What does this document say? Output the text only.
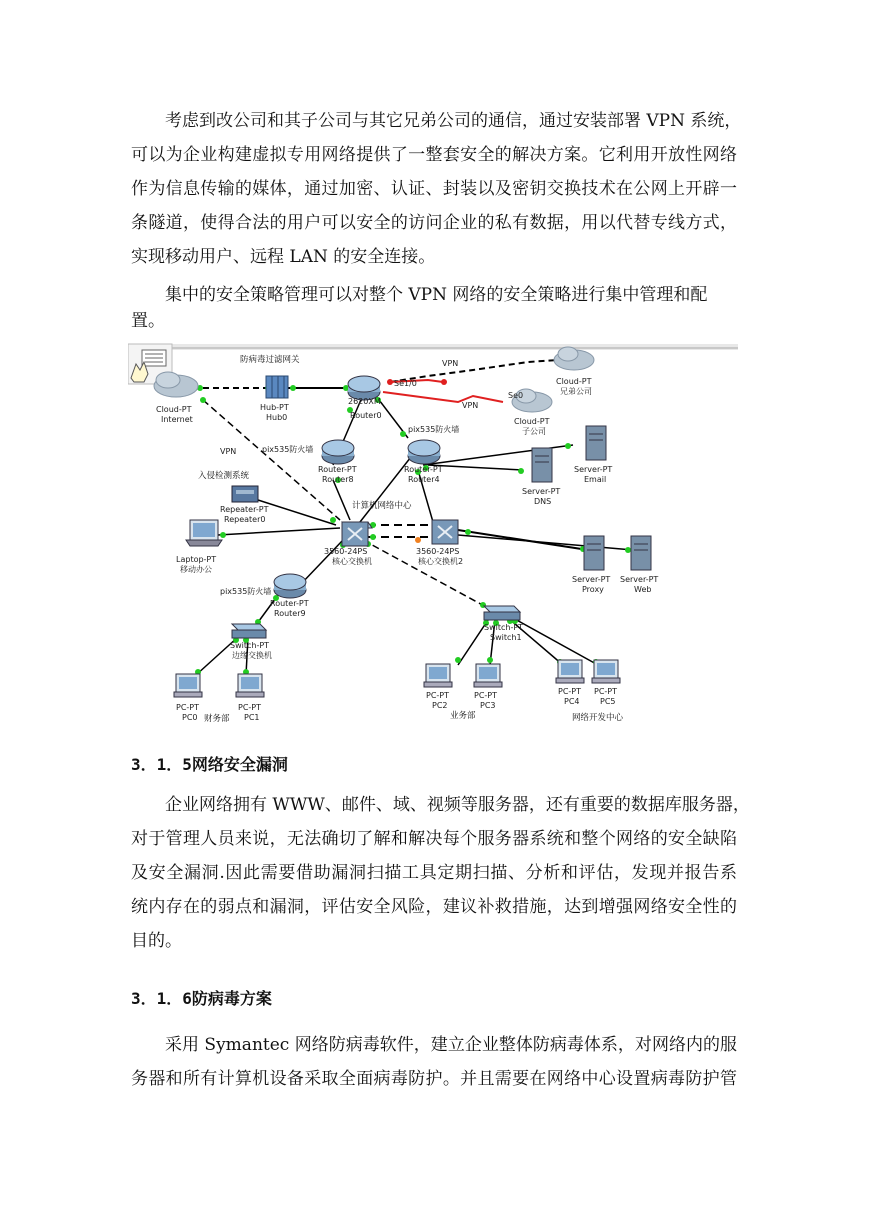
考虑到改公司和其子公司与其它兄弟公司的通信，通过安装部署 VPN 系统，
可以为企业构建虚拟专用网络提供了一整套安全的解决方案。它利用开放性网络
作为信息传输的媒体，通过加密、认证、封装以及密钥交换技术在公网上开辟一
条隧道，使得合法的用户可以安全的访问企业的私有数据，用以代替专线方式，
实现移动用户、远程 LAN 的安全连接。
集中的安全策略管理可以对整个 VPN 网络的安全策略进行集中管理和配
置。
防病毒过滤网关
Cloud-PT
Internet
Hub-PT
Hub0
2620XM
Router0
Se1/0
Se0
VPN
VPN
VPN
Cloud-PT
兄弟公司
Cloud-PT
子公司
pix535防火墙
pix535防火墙
Router-PT
Router8
Router-PT
Router4
Server-PT
Email
Server-PT
DNS
入侵检测系统
Repeater-PT
Repeater0
计算机网络中心
Laptop-PT
移动办公
3560-24PS
核心交换机
3560-24PS
核心交换机2
Server-PT
Proxy
Server-PT
Web
pix535防火墙
Router-PT
Router9
Switch-PT
边缘交换机
Switch-PT
Switch1
PC-PT
PC0
PC-PT
PC1
财务部
PC-PT
PC2
PC-PT
PC3
业务部
PC-PT
PC4
PC-PT
PC5
网络开发中心
3．1．5网络安全漏洞
企业网络拥有 WWW、邮件、域、视频等服务器，还有重要的数据库服务器，
对于管理人员来说，无法确切了解和解决每个服务器系统和整个网络的安全缺陷
及安全漏洞.因此需要借助漏洞扫描工具定期扫描、分析和评估，发现并报告系
统内存在的弱点和漏洞，评估安全风险，建议补救措施，达到增强网络安全性的
目的。
3．1．6防病毒方案
采用 Symantec 网络防病毒软件，建立企业整体防病毒体系，对网络内的服
务器和所有计算机设备采取全面病毒防护。并且需要在网络中心设置病毒防护管
